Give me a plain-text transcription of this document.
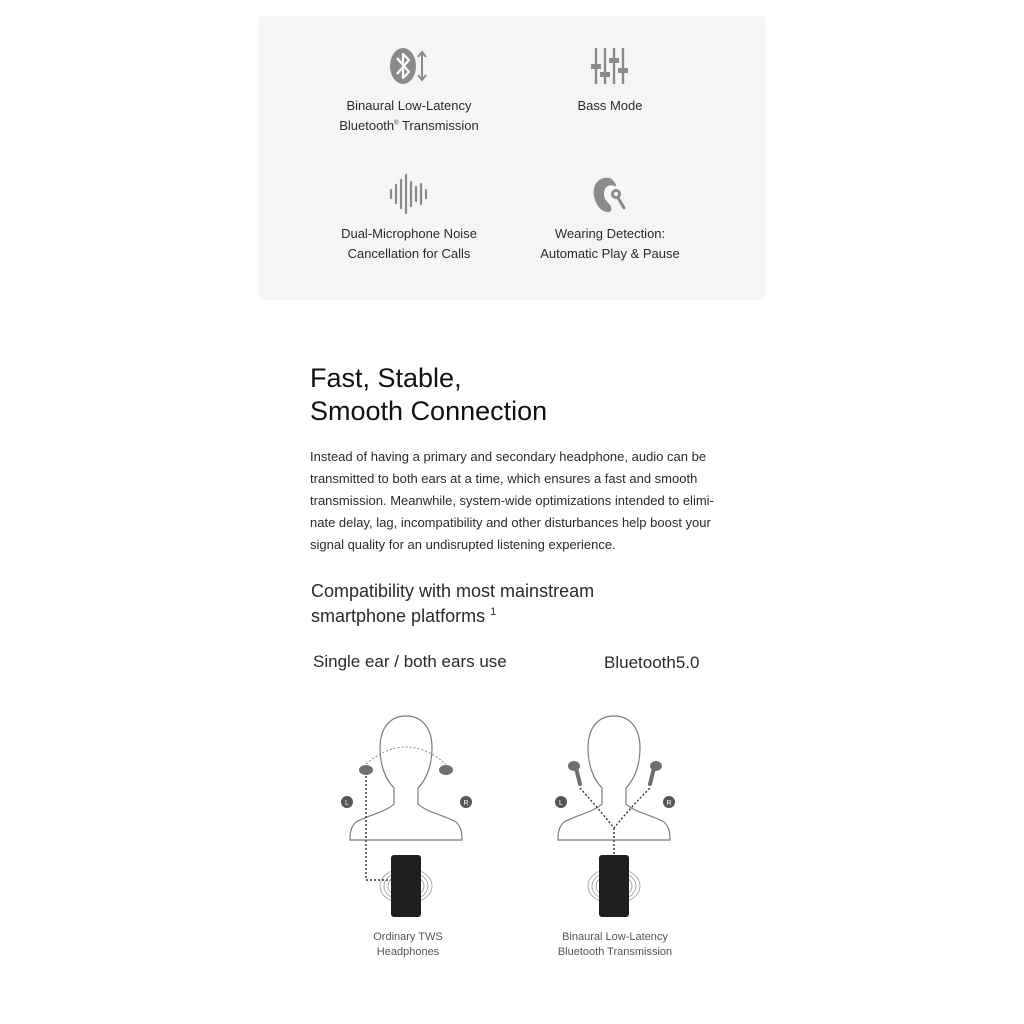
Binaural Low-Latency
Bluetooth® Transmission
Bass Mode
Dual-Microphone Noise
Cancellation for Calls
Wearing Detection:
Automatic Play & Pause
Fast, Stable,
Smooth Connection

Instead of having a primary and secondary headphone, audio can be transmitted to both ears at a time, which ensures a fast and smooth transmission. Meanwhile, system-wide optimizations intended to elimi-nate delay, lag, incompatibility and other disturbances help boost your signal quality for an undisrupted listening experience.

Compatibility with most mainstream
smartphone platforms $^1$
Single ear / both ears use	Bluetooth5.0
L	R
Ordinary TWS
Headphones
L	R
Binaural Low-Latency
Bluetooth Transmission
